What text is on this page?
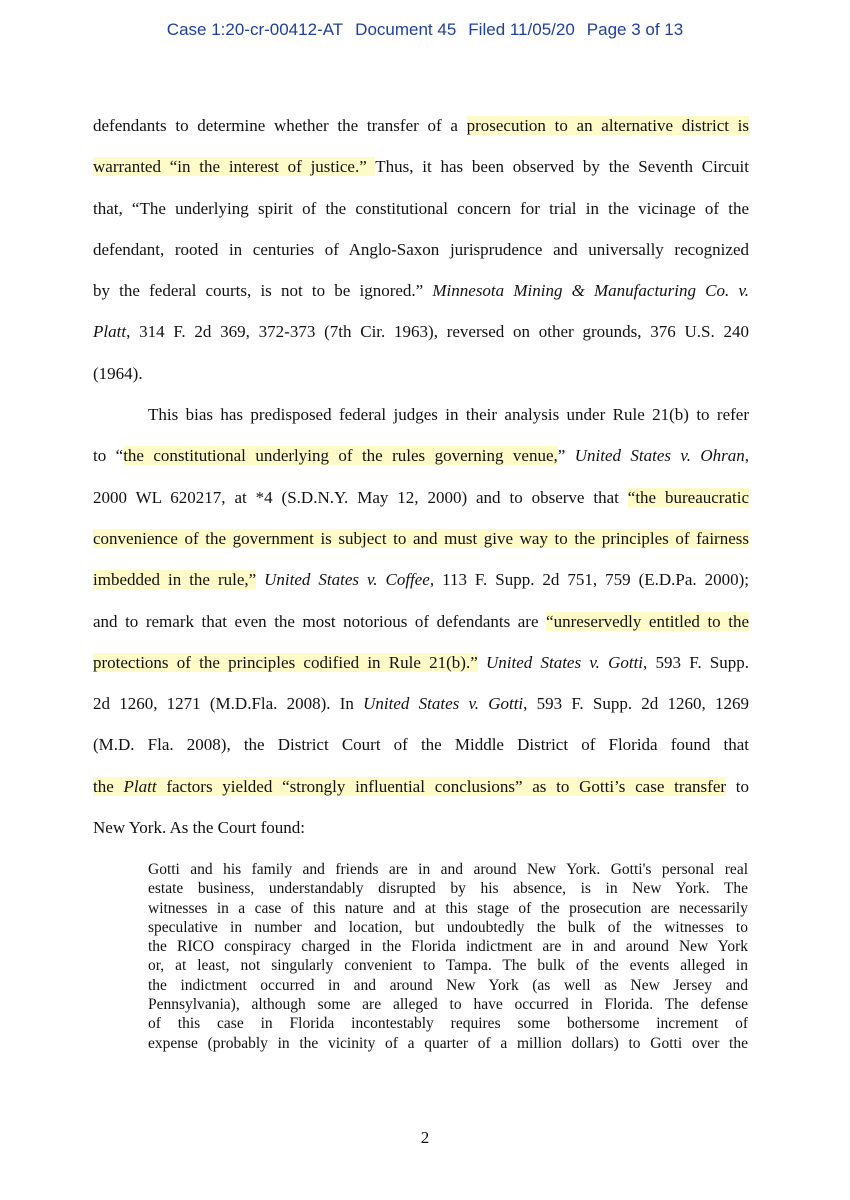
Case 1:20-cr-00412-AT Document 45 Filed 11/05/20 Page 3 of 13
defendants to determine whether the transfer of a prosecution to an alternative district is
warranted “in the interest of justice.” Thus, it has been observed by the Seventh Circuit
that, “The underlying spirit of the constitutional concern for trial in the vicinage of the
defendant, rooted in centuries of Anglo-Saxon jurisprudence and universally recognized
by the federal courts, is not to be ignored.” Minnesota Mining & Manufacturing Co. v.
Platt, 314 F. 2d 369, 372-373 (7th Cir. 1963), reversed on other grounds, 376 U.S. 240
(1964).
This bias has predisposed federal judges in their analysis under Rule 21(b) to refer
to “the constitutional underlying of the rules governing venue,” United States v. Ohran,
2000 WL 620217, at *4 (S.D.N.Y. May 12, 2000) and to observe that “the bureaucratic
convenience of the government is subject to and must give way to the principles of fairness
imbedded in the rule,” United States v. Coffee, 113 F. Supp. 2d 751, 759 (E.D.Pa. 2000);
and to remark that even the most notorious of defendants are “unreservedly entitled to the
protections of the principles codified in Rule 21(b).” United States v. Gotti, 593 F. Supp.
2d 1260, 1271 (M.D.Fla. 2008). In United States v. Gotti, 593 F. Supp. 2d 1260, 1269
(M.D. Fla. 2008), the District Court of the Middle District of Florida found that
the Platt factors yielded “strongly influential conclusions” as to Gotti’s case transfer to
New York. As the Court found:
Gotti and his family and friends are in and around New York. Gotti's personal real
estate business, understandably disrupted by his absence, is in New York. The
witnesses in a case of this nature and at this stage of the prosecution are necessarily
speculative in number and location, but undoubtedly the bulk of the witnesses to
the RICO conspiracy charged in the Florida indictment are in and around New York
or, at least, not singularly convenient to Tampa. The bulk of the events alleged in
the indictment occurred in and around New York (as well as New Jersey and
Pennsylvania), although some are alleged to have occurred in Florida. The defense
of this case in Florida incontestably requires some bothersome increment of
expense (probably in the vicinity of a quarter of a million dollars) to Gotti over the
2
